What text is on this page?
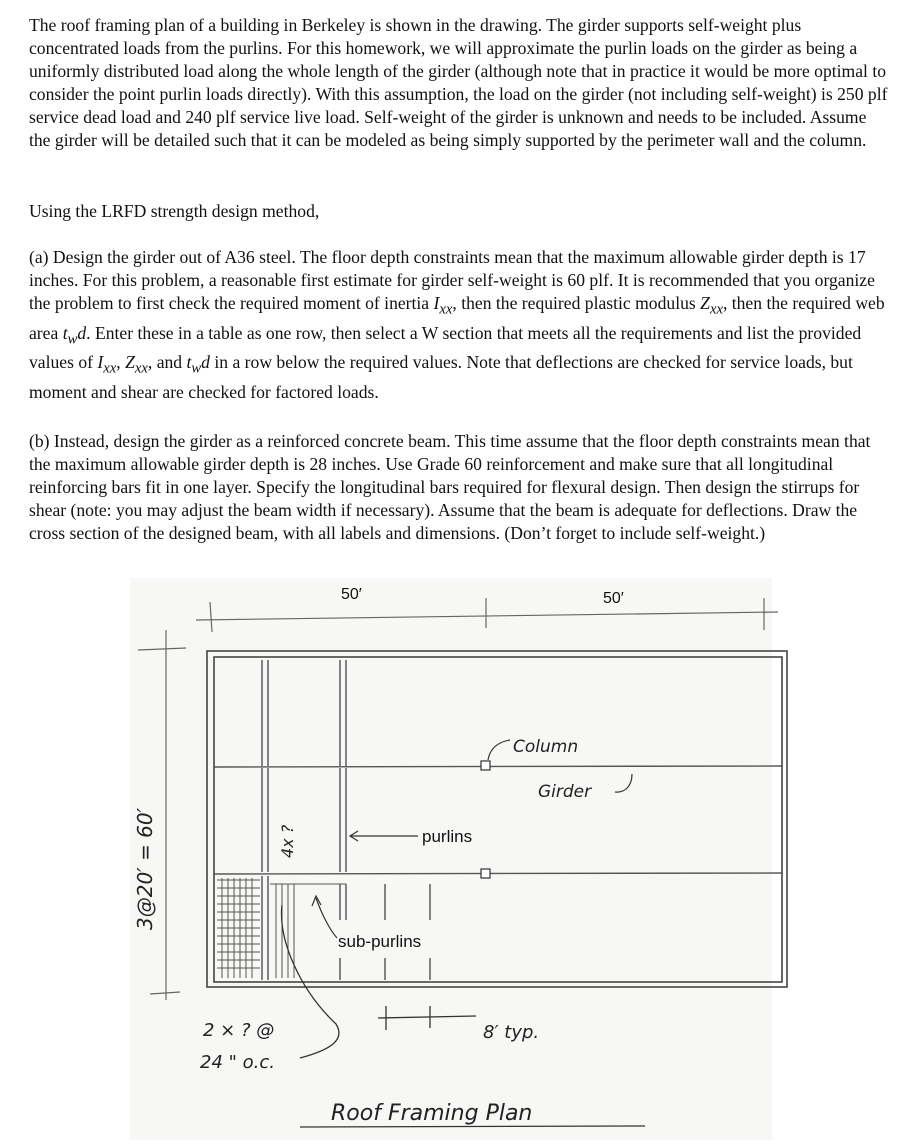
The roof framing plan of a building in Berkeley is shown in the drawing. The girder supports self-weight plus concentrated loads from the purlins. For this homework, we will approximate the purlin loads on the girder as being a uniformly distributed load along the whole length of the girder (although note that in practice it would be more optimal to consider the point purlin loads directly). With this assumption, the load on the girder (not including self-weight) is 250 plf service dead load and 240 plf service live load. Self-weight of the girder is unknown and needs to be included. Assume the girder will be detailed such that it can be modeled as being simply supported by the perimeter wall and the column.

Using the LRFD strength design method,

(a) Design the girder out of A36 steel. The floor depth constraints mean that the maximum allowable girder depth is 17 inches. For this problem, a reasonable first estimate for girder self-weight is 60 plf. It is recommended that you organize the problem to first check the required moment of inertia $I_{xx}$, then the required plastic modulus $Z_{xx}$, then the required web area $t_wd$. Enter these in a table as one row, then select a W section that meets all the requirements and list the provided values of $I_{xx}$, $Z_{xx}$, and $t_wd$ in a row below the required values. Note that deflections are checked for service loads, but moment and shear are checked for factored loads.

(b) Instead, design the girder as a reinforced concrete beam. This time assume that the floor depth constraints mean that the maximum allowable girder depth is 28 inches. Use Grade 60 reinforcement and make sure that all longitudinal reinforcing bars fit in one layer. Specify the longitudinal bars required for flexural design. Then design the stirrups for shear (note: you may adjust the beam width if necessary). Assume that the beam is adequate for deflections. Draw the cross section of the designed beam, with all labels and dimensions. (Don’t forget to include self-weight.)

50′	50′
3@20′ = 60′	purlins
sub-purlins
Column
Girder
4x ?
2 × ? @
24 " o.c.
8′ typ.
Roof Framing Plan
